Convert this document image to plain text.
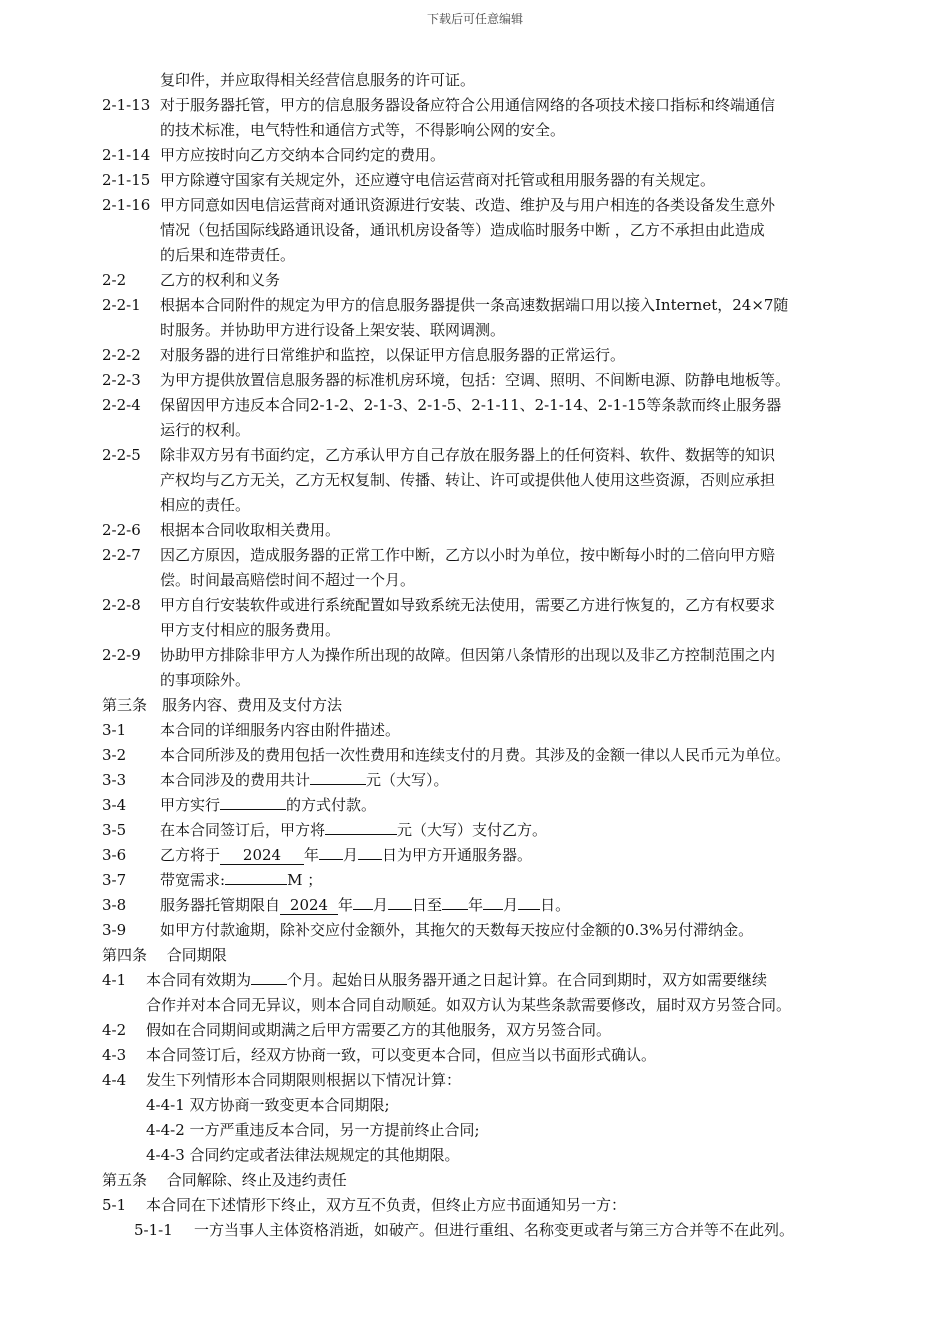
下载后可任意编辑
复印件，并应取得相关经营信息服务的许可证。
2-1-13 对于服务器托管，甲方的信息服务器设备应符合公用通信网络的各项技术接口指标和终端通信
的技术标准，电气特性和通信方式等，不得影响公网的安全。
2-1-14 甲方应按时向乙方交纳本合同约定的费用。
2-1-15 甲方除遵守国家有关规定外，还应遵守电信运营商对托管或租用服务器的有关规定。
2-1-16 甲方同意如因电信运营商对通讯资源进行安装、改造、维护及与用户相连的各类设备发生意外
情况（包括国际线路通讯设备，通讯机房设备等）造成临时服务中断 ，乙方不承担由此造成
的后果和连带责任。
2-2 乙方的权利和义务
2-2-1 根据本合同附件的规定为甲方的信息服务器提供一条高速数据端口用以接入Internet，24×7随
时服务。并协助甲方进行设备上架安装、联网调测。
2-2-2 对服务器的进行日常维护和监控，以保证甲方信息服务器的正常运行。
2-2-3 为甲方提供放置信息服务器的标准机房环境，包括：空调、照明、不间断电源、防静电地板等。
2-2-4 保留因甲方违反本合同2-1-2、2-1-3、2-1-5、2-1-11、2-1-14、2-1-15等条款而终止服务器
运行的权利。
2-2-5 除非双方另有书面约定，乙方承认甲方自己存放在服务器上的任何资料、软件、数据等的知识
产权均与乙方无关，乙方无权复制、传播、转让、许可或提供他人使用这些资源，否则应承担
相应的责任。
2-2-6 根据本合同收取相关费用。
2-2-7 因乙方原因，造成服务器的正常工作中断，乙方以小时为单位，按中断每小时的二倍向甲方赔
偿。时间最高赔偿时间不超过一个月。
2-2-8 甲方自行安装软件或进行系统配置如导致系统无法使用，需要乙方进行恢复的，乙方有权要求
甲方支付相应的服务费用。
2-2-9 协助甲方排除非甲方人为操作所出现的故障。但因第八条情形的出现以及非乙方控制范围之内
的事项除外。
第三条　服务内容、费用及支付方法
3-1 本合同的详细服务内容由附件描述。
3-2 本合同所涉及的费用包括一次性费用和连续支付的月费。其涉及的金额一律以人民币元为单位。
3-3 本合同涉及的费用共计	元（大写）。
3-4 甲方实行	的方式付款。
3-5 在本合同签订后，甲方将	元（大写）支付乙方。
3-6 乙方将于 2024 年 月 日为甲方开通服务器。
3-7 带宽需求:	M ；
3-8 服务器托管期限自 2024 年 月 日至 年 月 日。
3-9 如甲方付款逾期，除补交应付金额外，其拖欠的天数每天按应付金额的0.3%另付滞纳金。
第四条　 合同期限
4-1 本合同有效期为 个月。起始日从服务器开通之日起计算。在合同到期时，双方如需要继续
合作并对本合同无异议，则本合同自动顺延。如双方认为某些条款需要修改，届时双方另签合同。
4-2 假如在合同期间或期满之后甲方需要乙方的其他服务，双方另签合同。
4-3 本合同签订后，经双方协商一致，可以变更本合同，但应当以书面形式确认。
4-4 发生下列情形本合同期限则根据以下情况计算：
4-4-1 双方协商一致变更本合同期限;
4-4-2 一方严重违反本合同，另一方提前终止合同;
4-4-3 合同约定或者法律法规规定的其他期限。
第五条　 合同解除、终止及违约责任
5-1 本合同在下述情形下终止，双方互不负责，但终止方应书面通知另一方：
5-1-1 一方当事人主体资格消逝，如破产。但进行重组、名称变更或者与第三方合并等不在此列。
